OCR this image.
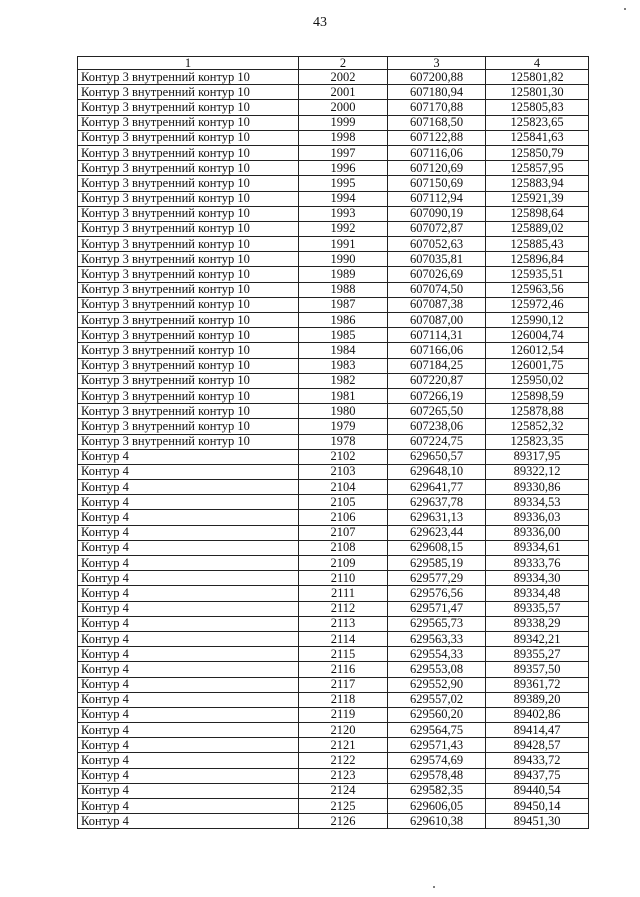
43
1	2	3	4
Контур 3 внутренний контур 10	2002	607200,88	125801,82
Контур 3 внутренний контур 10	2001	607180,94	125801,30
Контур 3 внутренний контур 10	2000	607170,88	125805,83
Контур 3 внутренний контур 10	1999	607168,50	125823,65
Контур 3 внутренний контур 10	1998	607122,88	125841,63
Контур 3 внутренний контур 10	1997	607116,06	125850,79
Контур 3 внутренний контур 10	1996	607120,69	125857,95
Контур 3 внутренний контур 10	1995	607150,69	125883,94
Контур 3 внутренний контур 10	1994	607112,94	125921,39
Контур 3 внутренний контур 10	1993	607090,19	125898,64
Контур 3 внутренний контур 10	1992	607072,87	125889,02
Контур 3 внутренний контур 10	1991	607052,63	125885,43
Контур 3 внутренний контур 10	1990	607035,81	125896,84
Контур 3 внутренний контур 10	1989	607026,69	125935,51
Контур 3 внутренний контур 10	1988	607074,50	125963,56
Контур 3 внутренний контур 10	1987	607087,38	125972,46
Контур 3 внутренний контур 10	1986	607087,00	125990,12
Контур 3 внутренний контур 10	1985	607114,31	126004,74
Контур 3 внутренний контур 10	1984	607166,06	126012,54
Контур 3 внутренний контур 10	1983	607184,25	126001,75
Контур 3 внутренний контур 10	1982	607220,87	125950,02
Контур 3 внутренний контур 10	1981	607266,19	125898,59
Контур 3 внутренний контур 10	1980	607265,50	125878,88
Контур 3 внутренний контур 10	1979	607238,06	125852,32
Контур 3 внутренний контур 10	1978	607224,75	125823,35
Контур 4	2102	629650,57	89317,95
Контур 4	2103	629648,10	89322,12
Контур 4	2104	629641,77	89330,86
Контур 4	2105	629637,78	89334,53
Контур 4	2106	629631,13	89336,03
Контур 4	2107	629623,44	89336,00
Контур 4	2108	629608,15	89334,61
Контур 4	2109	629585,19	89333,76
Контур 4	2110	629577,29	89334,30
Контур 4	2111	629576,56	89334,48
Контур 4	2112	629571,47	89335,57
Контур 4	2113	629565,73	89338,29
Контур 4	2114	629563,33	89342,21
Контур 4	2115	629554,33	89355,27
Контур 4	2116	629553,08	89357,50
Контур 4	2117	629552,90	89361,72
Контур 4	2118	629557,02	89389,20
Контур 4	2119	629560,20	89402,86
Контур 4	2120	629564,75	89414,47
Контур 4	2121	629571,43	89428,57
Контур 4	2122	629574,69	89433,72
Контур 4	2123	629578,48	89437,75
Контур 4	2124	629582,35	89440,54
Контур 4	2125	629606,05	89450,14
Контур 4	2126	629610,38	89451,30
